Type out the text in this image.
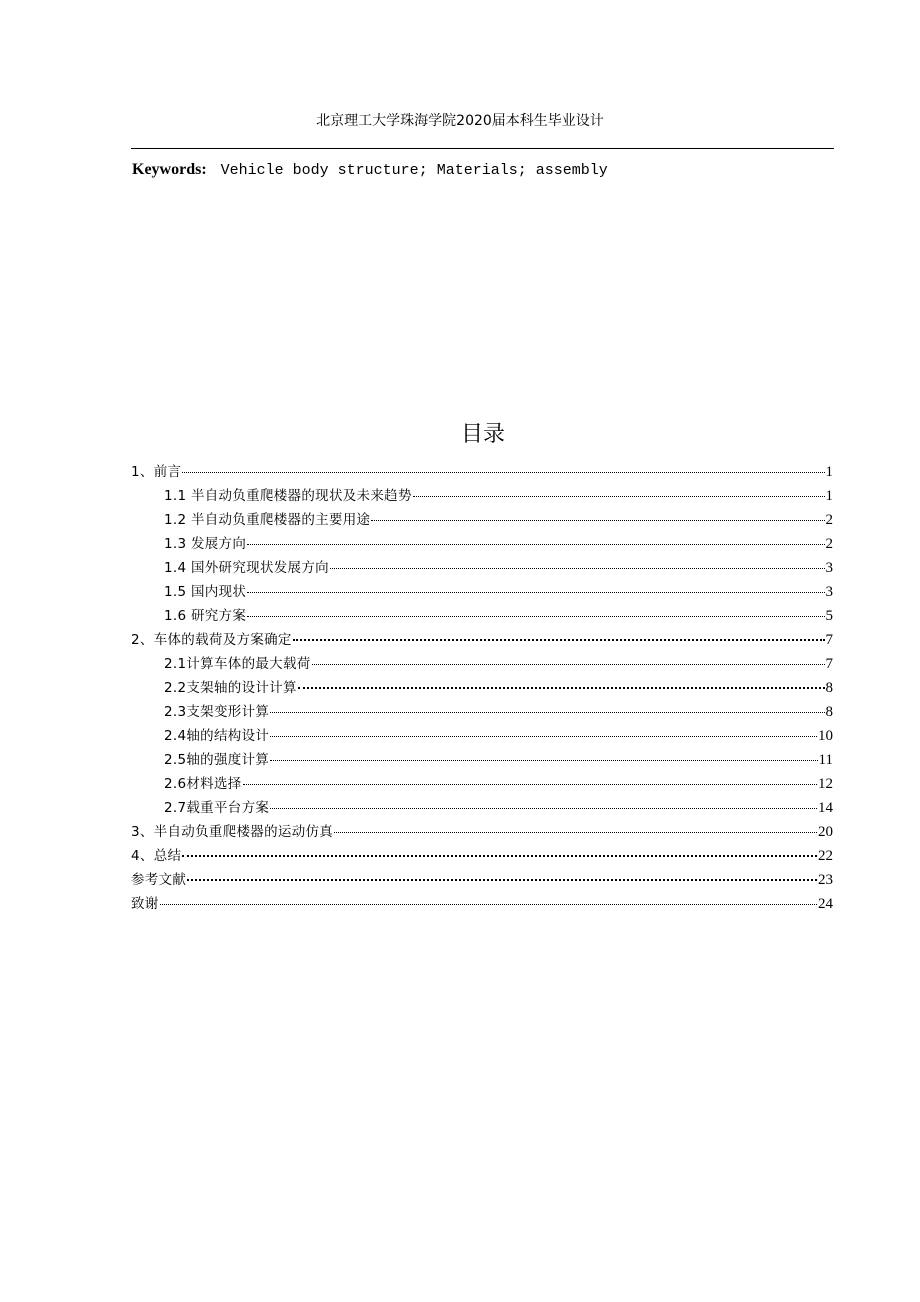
北京理工大学珠海学院2020届本科生毕业设计
Keywords: Vehicle body structure; Materials; assembly
目录
1、前言	1
1.1 半自动负重爬楼器的现状及未来趋势	1
1.2 半自动负重爬楼器的主要用途	2
1.3 发展方向	2
1.4 国外研究现状发展方向	3
1.5 国内现状	3
1.6 研究方案	5
2、车体的载荷及方案确定	7
2.1计算车体的最大载荷	7
2.2支架轴的设计计算	8
2.3支架变形计算	8
2.4轴的结构设计	10
2.5轴的强度计算	11
2.6材料选择	12
2.7载重平台方案	14
3、半自动负重爬楼器的运动仿真	20
4、总结	22
参考文献	23
致谢	24
